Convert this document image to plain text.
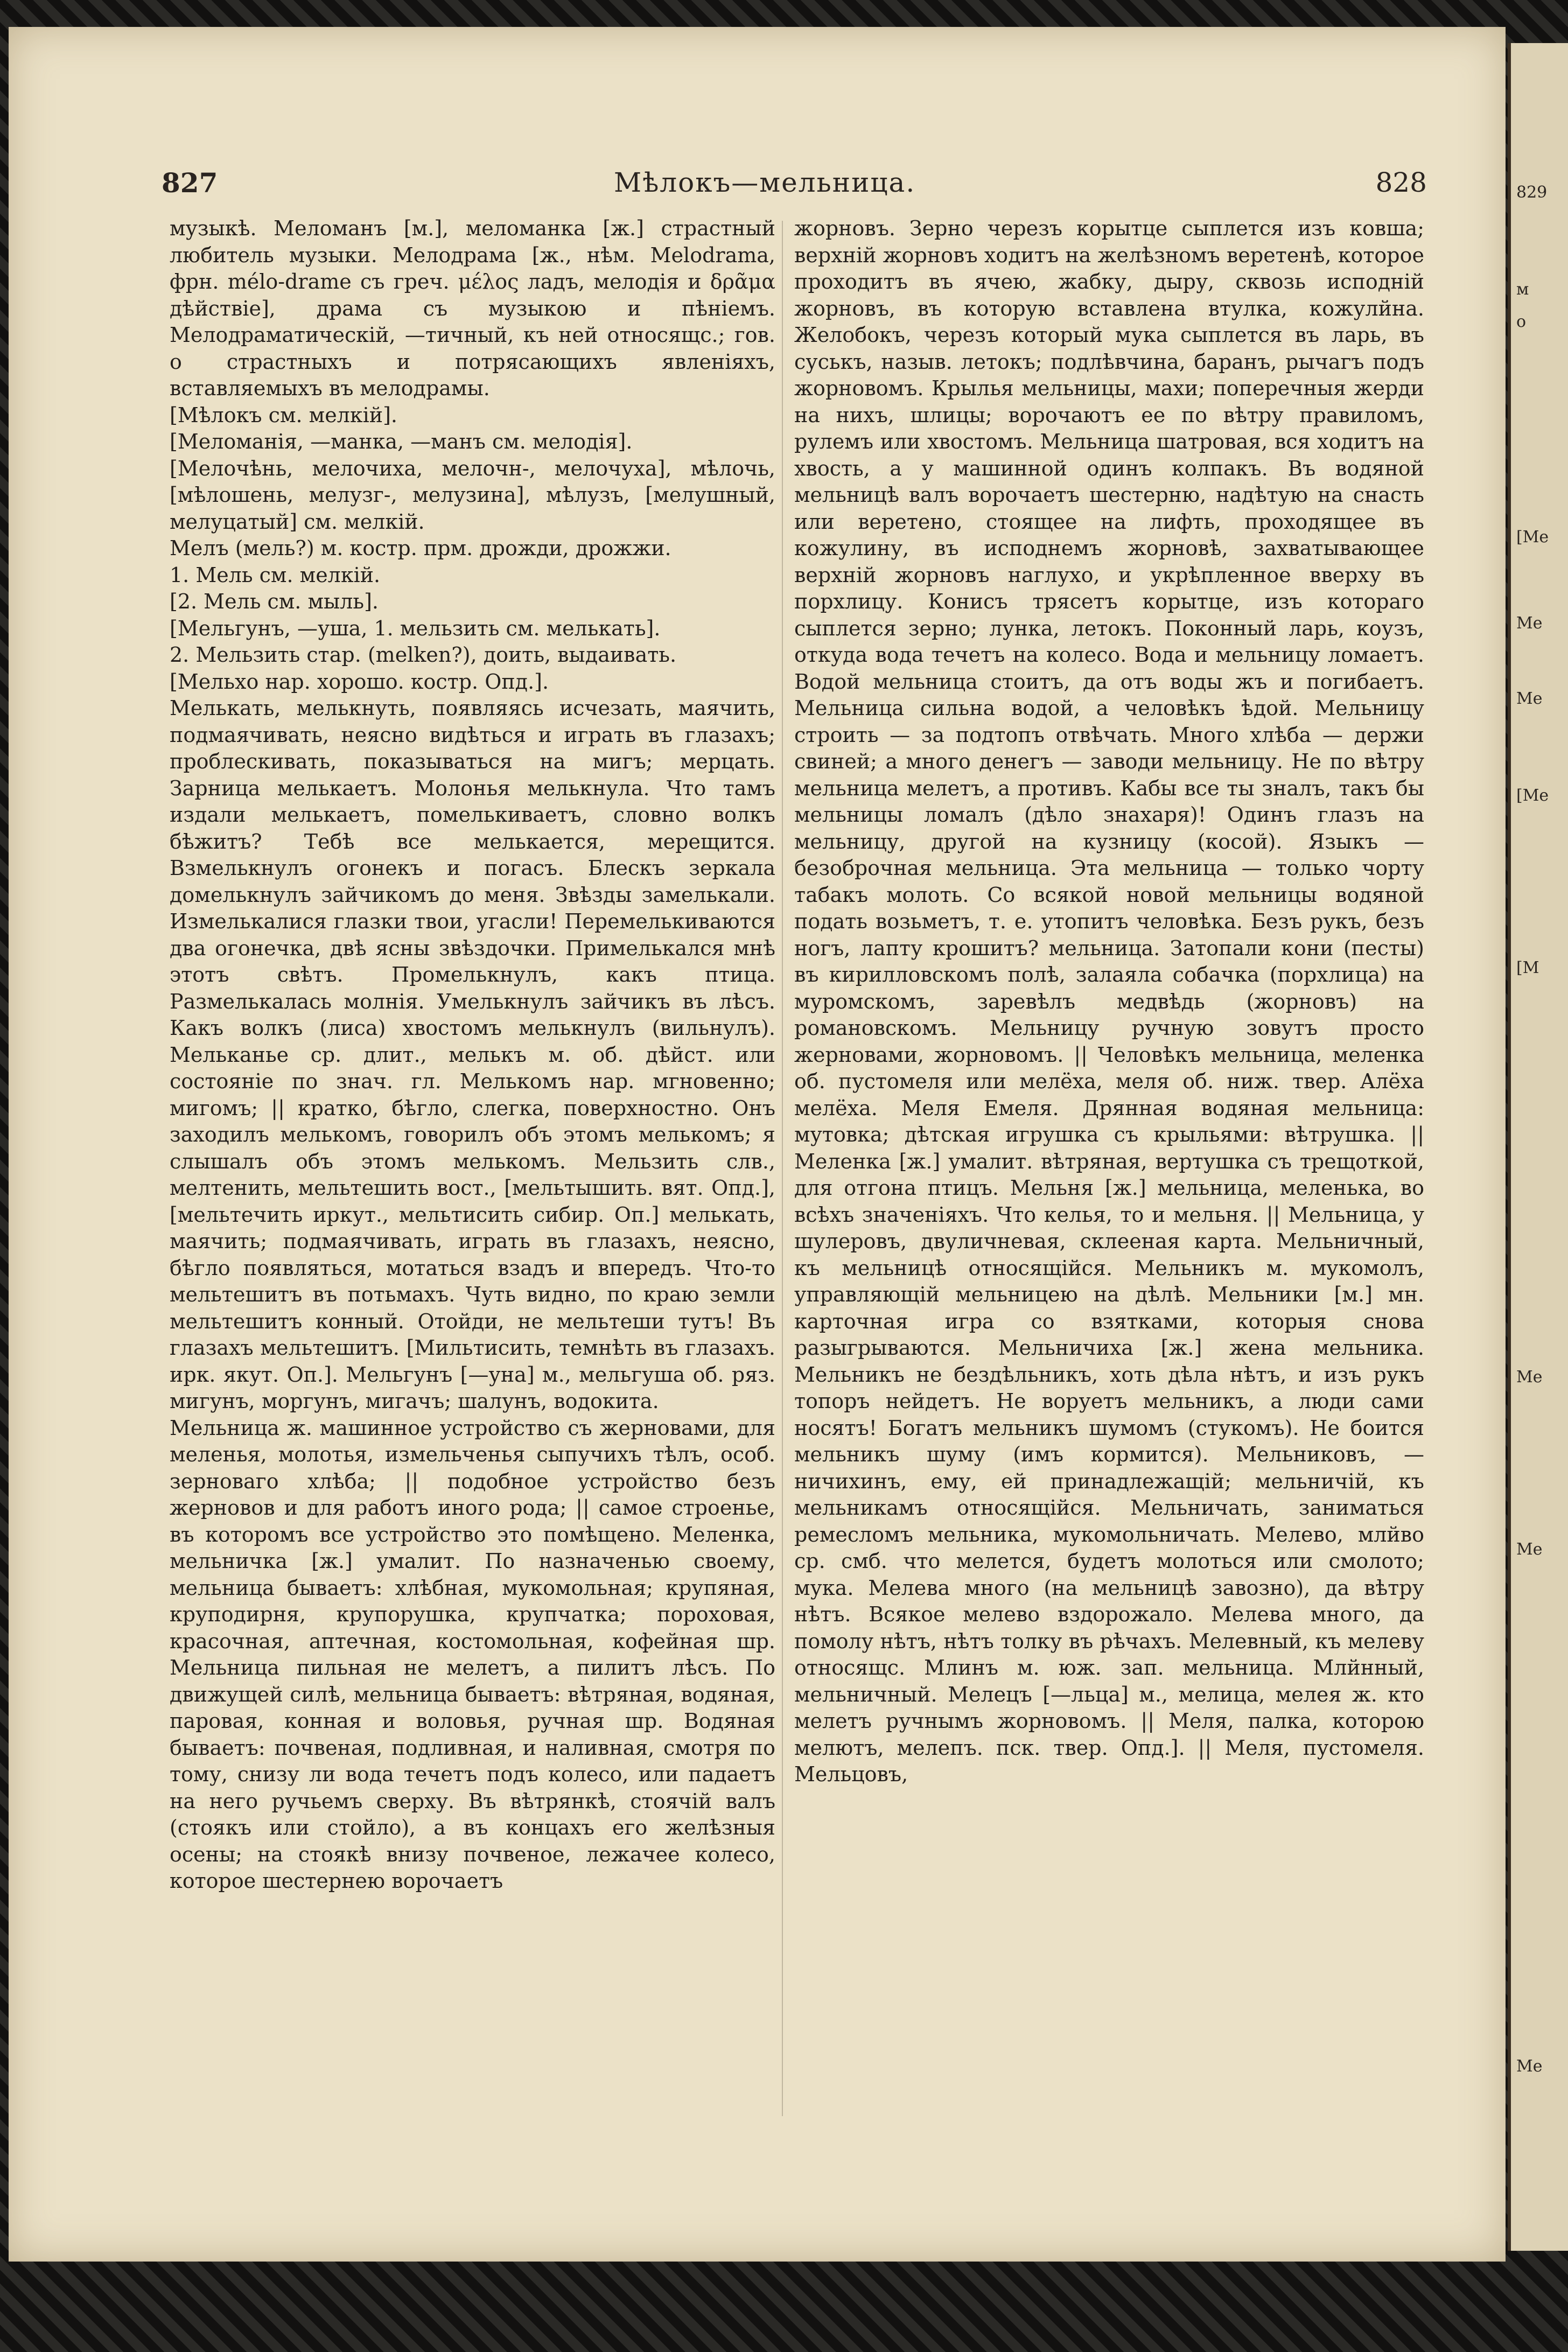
829
м
о
[Ме
Ме
Ме
[Ме
[М
Ме
Ме
Ме
827	Мѣлокъ—мельница.	828

музыкѣ. Меломанъ [м.], меломанка [ж.] страстный любитель музыки. Мелодрама [ж., нѣм. Melodrama, фрн. mélo-drame съ греч. μέλος ладъ, мелодія и δρᾶμα дѣйствіе], драма съ музыкою и пѣніемъ. Мелодраматическій, —тичный, къ ней относящс.; гов. о страстныхъ и потрясающихъ явленіяхъ, вставляемыхъ въ мелодрамы.

[Мѣлокъ см. мелкій].

[Меломанія, —манка, —манъ см. мелодія].

[Мелочѣнь, мелочиха, мелочн-, мелочуха], мѣлочь, [мѣлошень, мелузг-, мелузина], мѣлузъ, [мелушный, мелуцатый] см. мелкій.

Мелъ (мель?) м. костр. прм. дрожди, дрожжи.

1. Мель см. мелкій.

[2. Мель см. мыль].

[Мельгунъ, —уша, 1. мельзить см. мелькать].

2. Мельзить стар. (melken?), доить, выдаивать.

[Мельхо нар. хорошо. костр. Опд.].

Мелькать, мелькнуть, появляясь исчезать, маячить, подмаячивать, неясно видѣться и играть въ глазахъ; проблескивать, показываться на мигъ; мерцать. Зарница мелькаетъ. Молонья мелькнула. Что тамъ издали мелькаетъ, помелькиваетъ, словно волкъ бѣжитъ? Тебѣ все мелькается, мерещится. Взмелькнулъ огонекъ и погасъ. Блескъ зеркала домелькнулъ зайчикомъ до меня. Звѣзды замелькали. Измелькалися глазки твои, угасли! Перемелькиваются два огонечка, двѣ ясны звѣздочки. Примелькался мнѣ этотъ свѣтъ. Промелькнулъ, какъ птица. Размелькалась молнія. Умелькнулъ зайчикъ въ лѣсъ. Какъ волкъ (лиса) хвостомъ мелькнулъ (вильнулъ). Мельканье ср. длит., мелькъ м. об. дѣйст. или состояніе по знач. гл. Мелькомъ нар. мгновенно; мигомъ; || кратко, бѣгло, слегка, поверхностно. Онъ заходилъ мелькомъ, говорилъ объ этомъ мелькомъ; я слышалъ объ этомъ мелькомъ. Мельзить слв., мелтенить, мельтешить вост., [мельтышить. вят. Опд.], [мельтечить иркут., мельтисить сибир. Оп.] мелькать, маячить; подмаячивать, играть въ глазахъ, неясно, бѣгло появляться, мотаться взадъ и впередъ. Что-то мельтешитъ въ потьмахъ. Чуть видно, по краю земли мельтешитъ конный. Отойди, не мельтеши тутъ! Въ глазахъ мельтешитъ. [Мильтисить, темнѣть въ глазахъ. ирк. якут. Оп.]. Мельгунъ [—уна] м., мельгуша об. ряз. мигунъ, моргунъ, мигачъ; шалунъ, водокита.

Мельница ж. машинное устройство съ жерновами, для меленья, молотья, измельченья сыпучихъ тѣлъ, особ. зерноваго хлѣба; || подобное устройство безъ жерновов и для работъ иного рода; || самое строенье, въ которомъ все устройство это помѣщено. Меленка, мельничка [ж.] умалит. По назначенью своему, мельница бываетъ: хлѣбная, мукомольная; крупяная, круподирня, крупорушка, крупчатка; пороховая, красочная, аптечная, костомольная, кофейная шр. Мельница пильная не мелетъ, а пилитъ лѣсъ. По движущей силѣ, мельница бываетъ: вѣтряная, водяная, паровая, конная и воловья, ручная шр. Водяная бываетъ: почвеная, подливная, и наливная, смотря по тому, снизу ли вода течетъ подъ колесо, или падаетъ на него ручьемъ сверху. Въ вѣтрянкѣ, стоячій валъ (стоякъ или стойло), а въ концахъ его желѣзныя осены; на стоякѣ внизу почвеное, лежачее колесо, которое шестернею ворочаетъ

жорновъ. Зерно черезъ корытце сыплется изъ ковша; верхній жорновъ ходитъ на желѣзномъ веретенѣ, которое проходитъ въ ячею, жабку, дыру, сквозь исподній жорновъ, въ которую вставлена втулка, кожулйна. Желобокъ, черезъ который мука сыплется въ ларь, въ суськъ, назыв. летокъ; подлѣвчина, баранъ, рычагъ подъ жорновомъ. Крылья мельницы, махи; поперечныя жерди на нихъ, шлицы; ворочаютъ ее по вѣтру правиломъ, рулемъ или хвостомъ. Мельница шатровая, вся ходитъ на хвость, а у машинной одинъ колпакъ. Въ водяной мельницѣ валъ ворочаетъ шестерню, надѣтую на снасть или веретено, стоящее на лифть, проходящее въ кожулину, въ исподнемъ жорновѣ, захватывающее верхній жорновъ наглухо, и укрѣпленное вверху въ порхлицу. Конисъ трясетъ корытце, изъ котораго сыплется зерно; лунка, летокъ. Поконный ларь, коузъ, откуда вода течетъ на колесо. Вода и мельницу ломаетъ. Водой мельница стоитъ, да отъ воды жъ и погибаетъ. Мельница сильна водой, а человѣкъ ѣдой. Мельницу строить — за подтопъ отвѣчать. Много хлѣба — держи свиней; а много денегъ — заводи мельницу. Не по вѣтру мельница мелетъ, а противъ. Кабы все ты зналъ, такъ бы мельницы ломалъ (дѣло знахаря)! Одинъ глазъ на мельницу, другой на кузницу (косой). Языкъ — безоброчная мельница. Эта мельница — только чорту табакъ молоть. Со всякой новой мельницы водяной подать возьметъ, т. е. утопитъ человѣка. Безъ рукъ, безъ ногъ, лапту крошитъ? мельница. Затопали кони (песты) въ кирилловскомъ полѣ, залаяла собачка (порхлица) на муромскомъ, заревѣлъ медвѣдь (жорновъ) на романовскомъ. Мельницу ручную зовутъ просто жерновами, жорновомъ. || Человѣкъ мельница, меленка об. пустомеля или мелёха, меля об. ниж. твер. Алёха мелёха. Меля Емеля. Дрянная водяная мельница: мутовка; дѣтская игрушка съ крыльями: вѣтрушка. || Меленка [ж.] умалит. вѣтряная, вертушка съ трещоткой, для отгона птицъ. Мельня [ж.] мельница, меленька, во всѣхъ значеніяхъ. Что келья, то и мельня. || Мельница, у шулеровъ, двуличневая, склееная карта. Мельничный, къ мельницѣ относящійся. Мельникъ м. мукомолъ, управляющій мельницею на дѣлѣ. Мельники [м.] мн. карточная игра со взятками, которыя снова разыгрываются. Мельничиха [ж.] жена мельника. Мельникъ не бездѣльникъ, хоть дѣла нѣтъ, и изъ рукъ топоръ нейдетъ. Не воруетъ мельникъ, а люди сами носятъ! Богатъ мельникъ шумомъ (стукомъ). Не боится мельникъ шуму (имъ кормится). Мельниковъ, —ничихинъ, ему, ей принадлежащій; мельничій, къ мельникамъ относящійся. Мельничать, заниматься ремесломъ мельника, мукомольничать. Мелево, млйво ср. смб. что мелется, будетъ молоться или смолото; мука. Мелева много (на мельницѣ завозно), да вѣтру нѣтъ. Всякое мелево вздорожало. Мелева много, да помолу нѣтъ, нѣтъ толку въ рѣчахъ. Мелевный, къ мелеву относящс. Млинъ м. юж. зап. мельница. Млйнный, мельничный. Мелецъ [—льца] м., мелица, мелея ж. кто мелетъ ручнымъ жорновомъ. || Меля, палка, которою мелютъ, мелепъ. пск. твер. Опд.]. || Меля, пустомеля. Мельцовъ,
